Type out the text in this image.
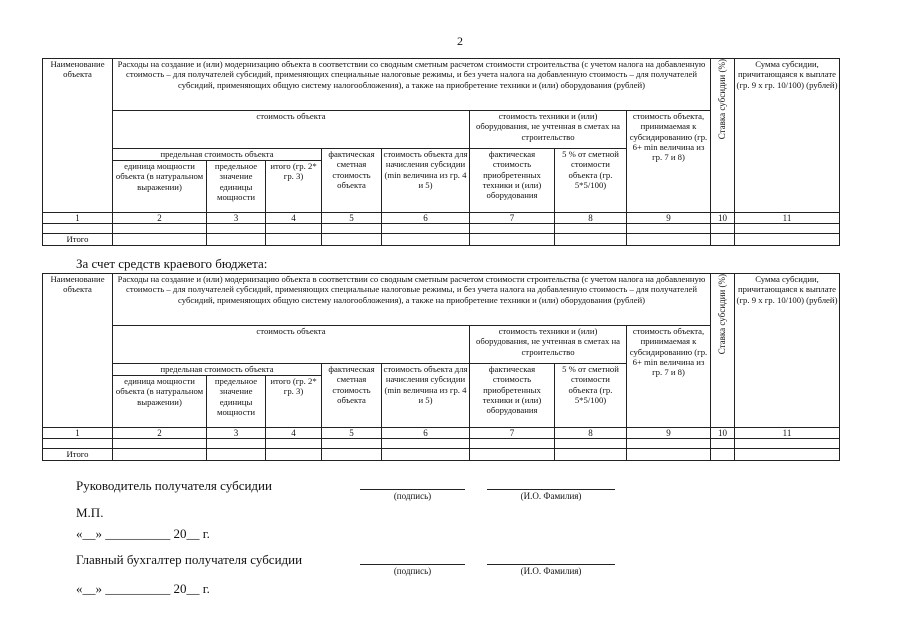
2
Наименование объекта	Расходы на создание и (или) модернизацию объекта в соответствии со сводным сметным расчетом стоимости строительства (с учетом налога на добавленную стоимость – для получателей субсидий, применяющих специальные налоговые режимы, и без учета налога на добавленную стоимость – для получателей субсидий, применяющих общую систему налогообложения), а также на приобретение техники и (или) оборудования (рублей)								Ставка субсидии (%)	Сумма субсидии, причитающаяся к выплате (гр. 9 х гр. 10/100) (рублей)
	стоимость объекта					стоимость техники и (или) оборудования, не учтенная в сметах на строительство		стоимость объекта, принимаемая к субсидированию (гр. 6+ min величина из гр. 7 и 8)		
	предельная стоимость объекта			фактическая сметная стоимость объекта	стоимость объекта для начисления субсидии (min величина из гр. 4 и 5)	фактическая стоимость приобретенных техники и (или) оборудования	5 % от сметной стоимости объекта (гр. 5*5/100)			
	единица мощности объекта (в натуральном выражении)	предельное значение единицы мощности	итого (гр. 2* гр. 3)							

1	2	3	4	5	6	7	8	9	10	11

Итого										
За счет средств краевого бюджета:
Наименование объекта	Расходы на создание и (или) модернизацию объекта в соответствии со сводным сметным расчетом стоимости строительства (с учетом налога на добавленную стоимость – для получателей субсидий, применяющих специальные налоговые режимы, и без учета налога на добавленную стоимость – для получателей субсидий, применяющих общую систему налогообложения), а также на приобретение техники и (или) оборудования (рублей)								Ставка субсидии (%)	Сумма субсидии, причитающаяся к выплате (гр. 9 х гр. 10/100) (рублей)
	стоимость объекта					стоимость техники и (или) оборудования, не учтенная в сметах на строительство		стоимость объекта, принимаемая к субсидированию (гр. 6+ min величина из гр. 7 и 8)		
	предельная стоимость объекта			фактическая сметная стоимость объекта	стоимость объекта для начисления субсидии (min величина из гр. 4 и 5)	фактическая стоимость приобретенных техники и (или) оборудования	5 % от сметной стоимости объекта (гр. 5*5/100)			
	единица мощности объекта (в натуральном выражении)	предельное значение единицы мощности	итого (гр. 2* гр. 3)							

1	2	3	4	5	6	7	8	9	10	11

Итого										
Руководитель получателя субсидии
(подпись)	(И.О. Фамилия)
М.П.
«__» __________ 20__ г.
Главный бухгалтер получателя субсидии
(подпись)	(И.О. Фамилия)
«__» __________ 20__ г.
